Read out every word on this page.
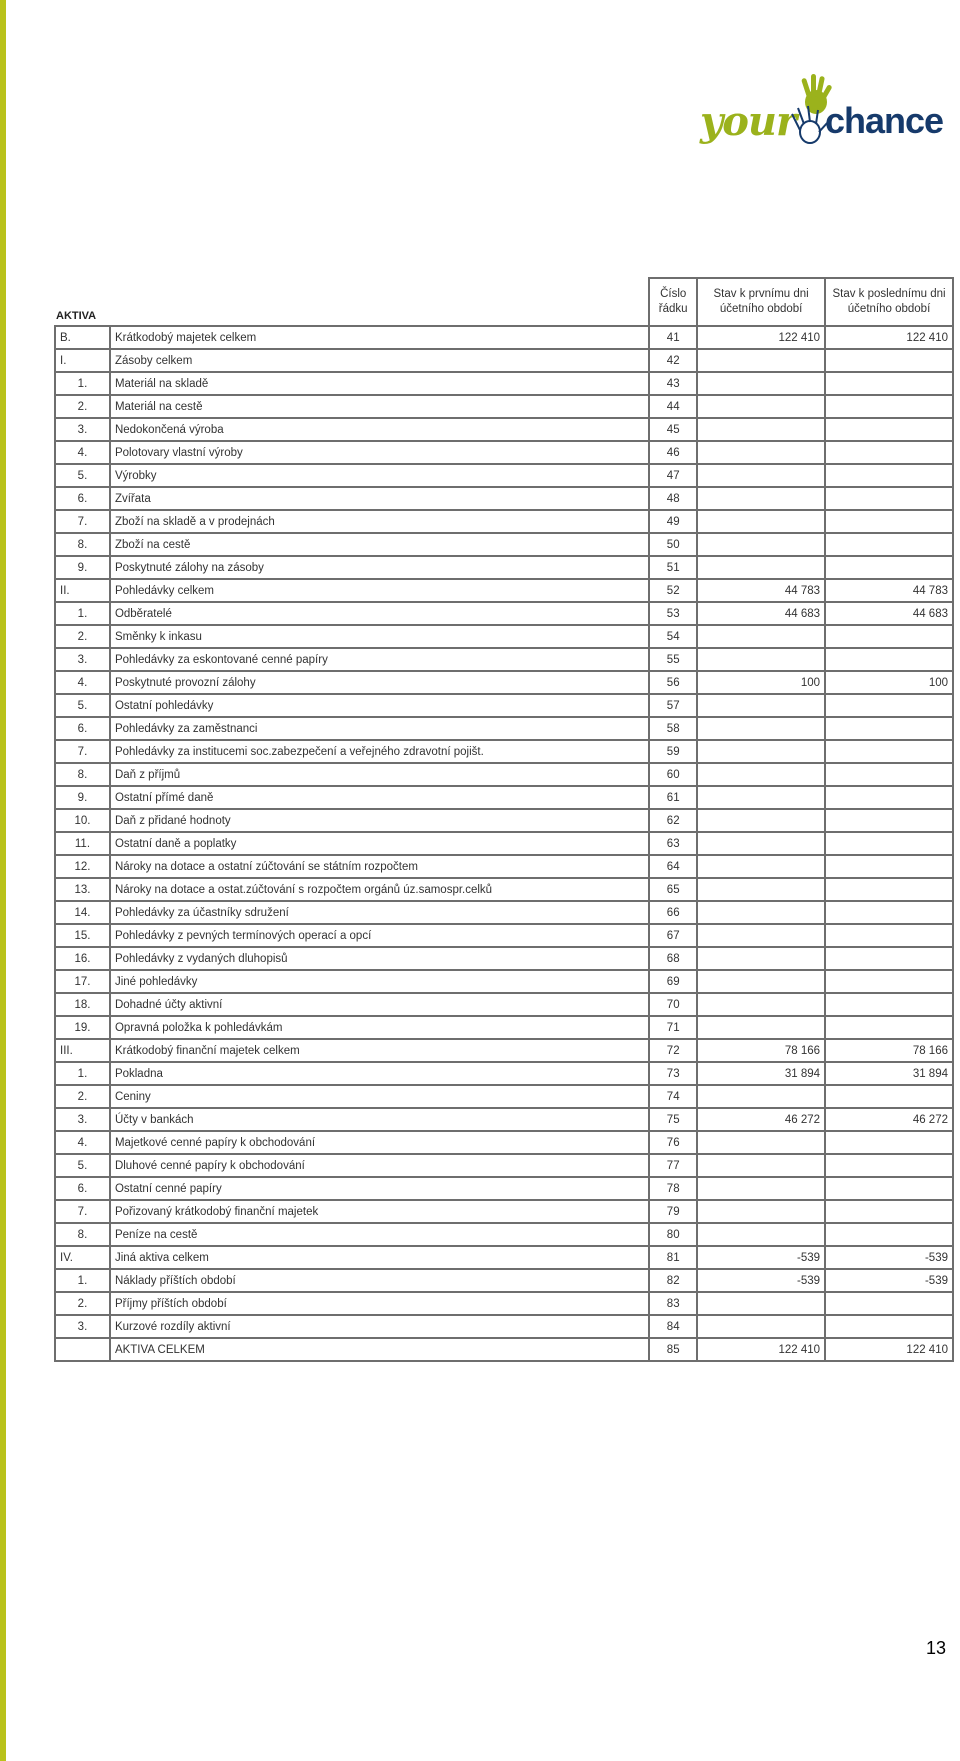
your chance
AKTIVA
		Číslo řádku	Stav k prvnímu dni účetního období	Stav k poslednímu dni účetního období
B.	Krátkodobý majetek celkem	41	122 410	122 410
I.	Zásoby celkem	42		
1.	Materiál na skladě	43		
2.	Materiál na cestě	44		
3.	Nedokončená výroba	45		
4.	Polotovary vlastní výroby	46		
5.	Výrobky	47		
6.	Zvířata	48		
7.	Zboží na skladě a v prodejnách	49		
8.	Zboží na cestě	50		
9.	Poskytnuté zálohy na zásoby	51		
II.	Pohledávky celkem	52	44 783	44 783
1.	Odběratelé	53	44 683	44 683
2.	Směnky k inkasu	54		
3.	Pohledávky za eskontované cenné papíry	55		
4.	Poskytnuté provozní zálohy	56	100	100
5.	Ostatní pohledávky	57		
6.	Pohledávky za zaměstnanci	58		
7.	Pohledávky za institucemi soc.zabezpečení a veřejného zdravotní pojišt.	59		
8.	Daň z příjmů	60		
9.	Ostatní přímé daně	61		
10.	Daň z přidané hodnoty	62		
11.	Ostatní daně a poplatky	63		
12.	Nároky na dotace a ostatní zúčtování se státním rozpočtem	64		
13.	Nároky na dotace a ostat.zúčtování s rozpočtem orgánů úz.samospr.celků	65		
14.	Pohledávky za účastníky sdružení	66		
15.	Pohledávky z pevných termínových operací a opcí	67		
16.	Pohledávky z vydaných dluhopisů	68		
17.	Jiné pohledávky	69		
18.	Dohadné účty aktivní	70		
19.	Opravná položka k pohledávkám	71		
III.	Krátkodobý finanční majetek celkem	72	78 166	78 166
1.	Pokladna	73	31 894	31 894
2.	Ceniny	74		
3.	Účty v bankách	75	46 272	46 272
4.	Majetkové cenné papíry k obchodování	76		
5.	Dluhové cenné papíry k obchodování	77		
6.	Ostatní cenné papíry	78		
7.	Pořizovaný krátkodobý finanční majetek	79		
8.	Peníze na cestě	80		
IV.	Jiná aktiva celkem	81	-539	-539
1.	Náklady příštích období	82	-539	-539
2.	Příjmy příštích období	83		
3.	Kurzové rozdíly aktivní	84		
	AKTIVA CELKEM	85	122 410	122 410
13
